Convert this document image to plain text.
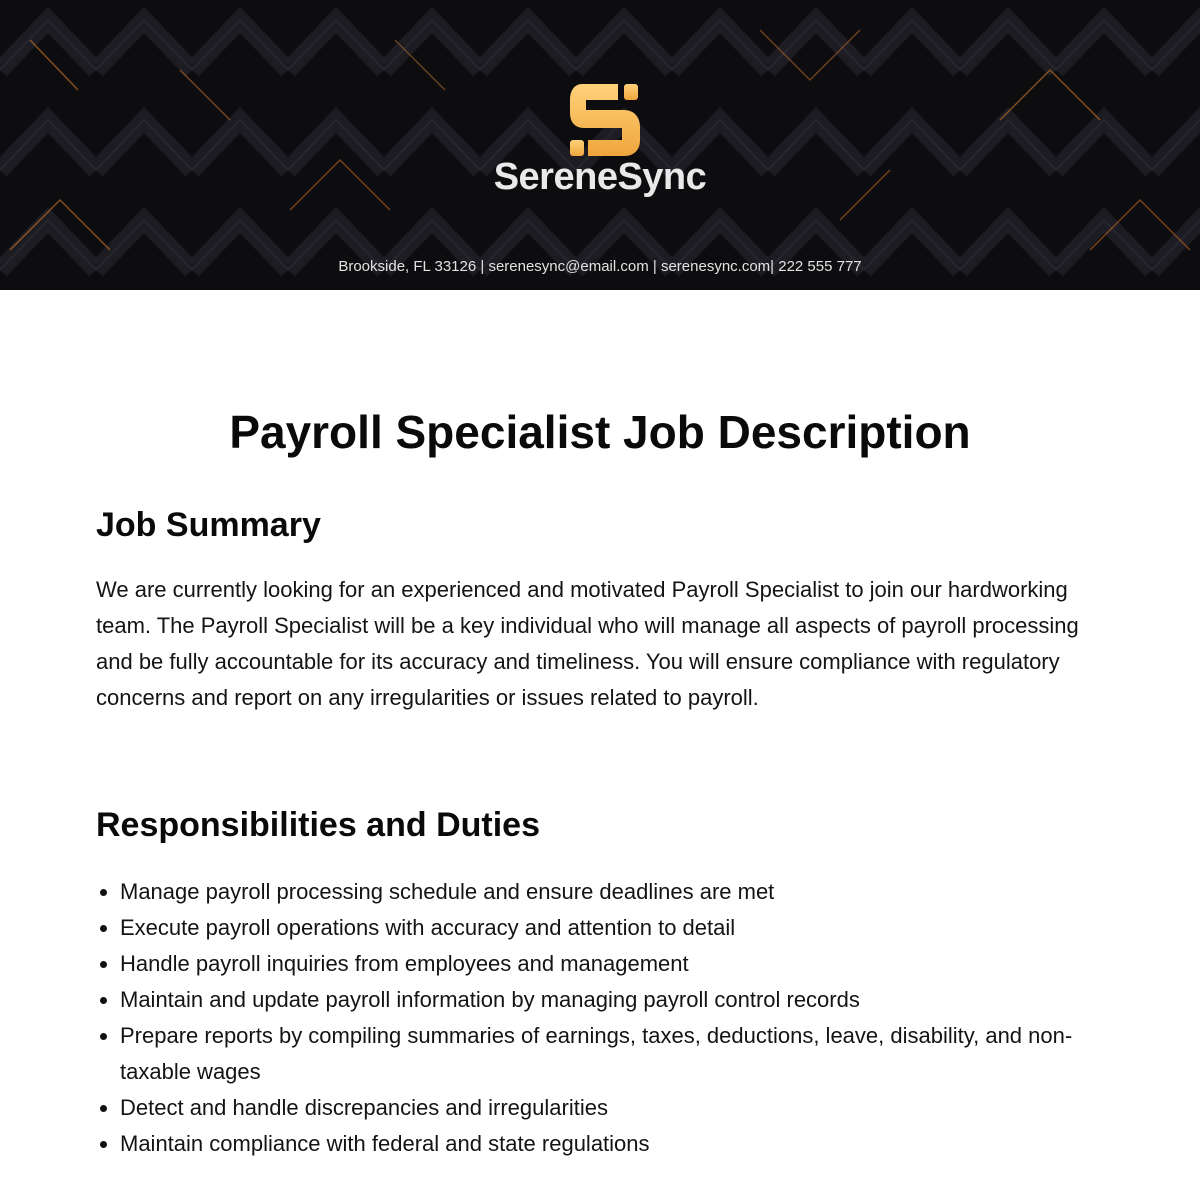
SereneSync
Brookside, FL 33126 | serenesync@email.com | serenesync.com| 222 555 777
Payroll Specialist Job Description
Job Summary

We are currently looking for an experienced and motivated Payroll Specialist to join our hardworking team. The Payroll Specialist will be a key individual who will manage all aspects of payroll processing and be fully accountable for its accuracy and timeliness. You will ensure compliance with regulatory concerns and report on any irregularities or issues related to payroll.

Responsibilities and Duties
Manage payroll processing schedule and ensure deadlines are met
Execute payroll operations with accuracy and attention to detail
Handle payroll inquiries from employees and management
Maintain and update payroll information by managing payroll control records
Prepare reports by compiling summaries of earnings, taxes, deductions, leave, disability, and non-taxable wages
Detect and handle discrepancies and irregularities
Maintain compliance with federal and state regulations
